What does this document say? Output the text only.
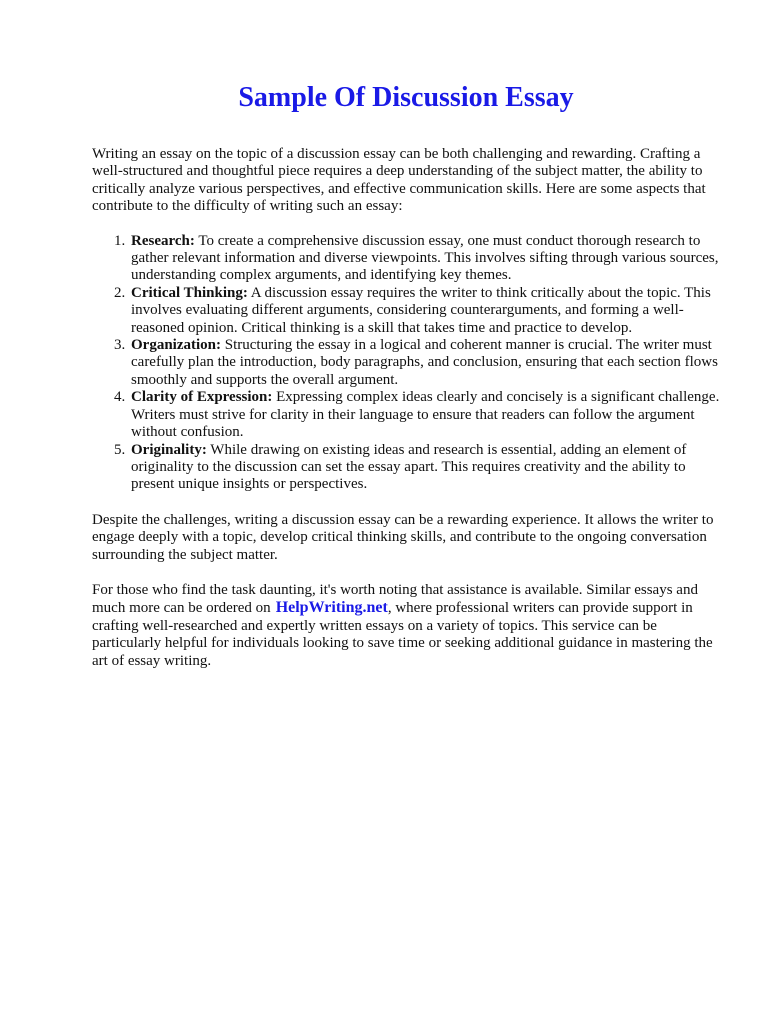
Sample Of Discussion Essay

Writing an essay on the topic of a discussion essay can be both challenging and rewarding. Crafting a well-structured and thoughtful piece requires a deep understanding of the subject matter, the ability to critically analyze various perspectives, and effective communication skills. Here are some aspects that contribute to the difficulty of writing such an essay:

1. Research: To create a comprehensive discussion essay, one must conduct thorough research to gather relevant information and diverse viewpoints. This involves sifting through various sources, understanding complex arguments, and identifying key themes.
2. Critical Thinking: A discussion essay requires the writer to think critically about the topic. This involves evaluating different arguments, considering counterarguments, and forming a well-reasoned opinion. Critical thinking is a skill that takes time and practice to develop.
3. Organization: Structuring the essay in a logical and coherent manner is crucial. The writer must carefully plan the introduction, body paragraphs, and conclusion, ensuring that each section flows smoothly and supports the overall argument.
4. Clarity of Expression: Expressing complex ideas clearly and concisely is a significant challenge. Writers must strive for clarity in their language to ensure that readers can follow the argument without confusion.
5. Originality: While drawing on existing ideas and research is essential, adding an element of originality to the discussion can set the essay apart. This requires creativity and the ability to present unique insights or perspectives.

Despite the challenges, writing a discussion essay can be a rewarding experience. It allows the writer to engage deeply with a topic, develop critical thinking skills, and contribute to the ongoing conversation surrounding the subject matter.

For those who find the task daunting, it's worth noting that assistance is available. Similar essays and much more can be ordered on HelpWriting.net, where professional writers can provide support in crafting well-researched and expertly written essays on a variety of topics. This service can be particularly helpful for individuals looking to save time or seeking additional guidance in mastering the art of essay writing.
